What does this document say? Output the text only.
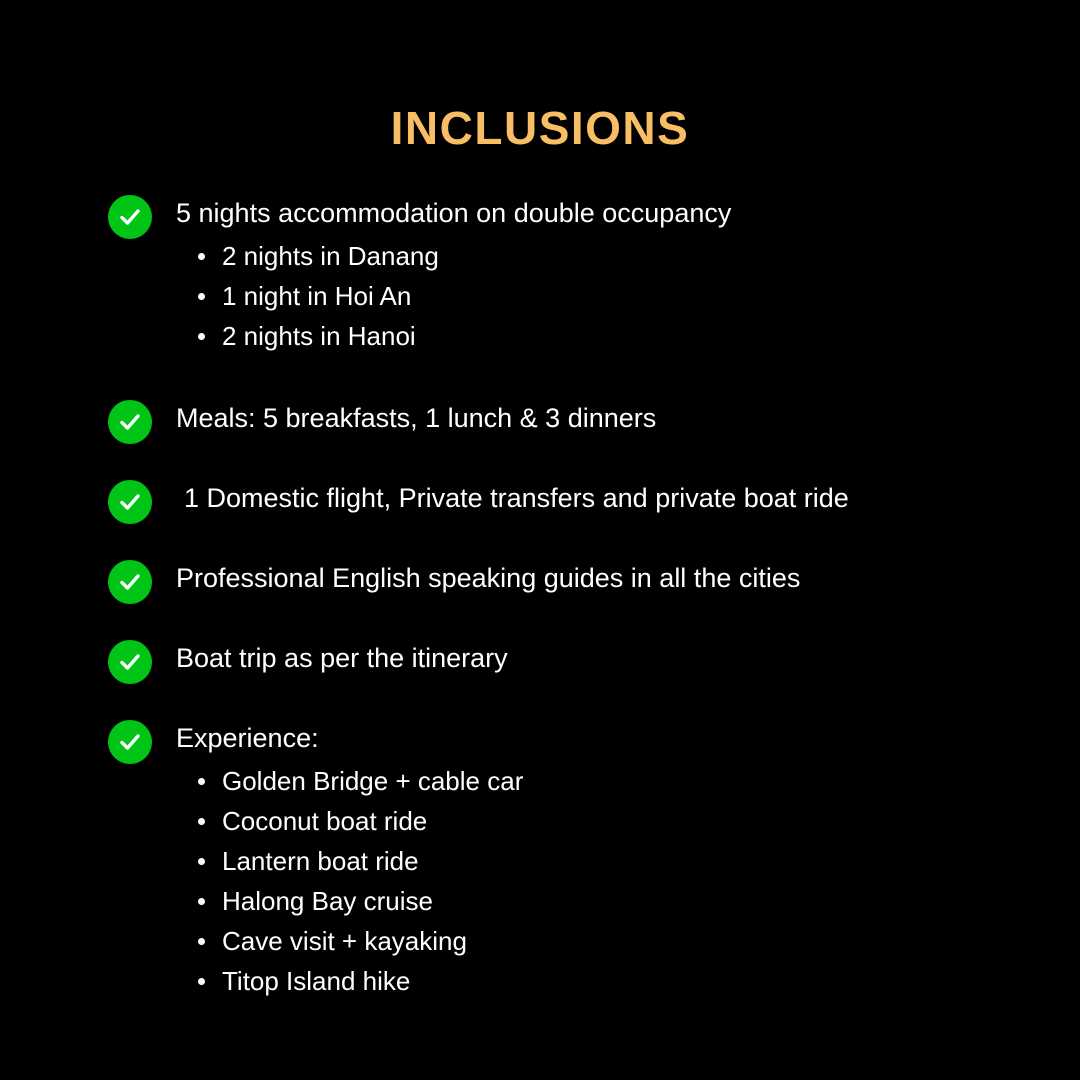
INCLUSIONS
5 nights accommodation on double occupancy
2 nights in Danang
1 night in Hoi An
2 nights in Hanoi
Meals: 5 breakfasts, 1 lunch & 3 dinners
1 Domestic flight, Private transfers and private boat ride
Professional English speaking guides in all the cities
Boat trip as per the itinerary
Experience:
Golden Bridge + cable car
Coconut boat ride
Lantern boat ride
Halong Bay cruise
Cave visit + kayaking
Titop Island hike
